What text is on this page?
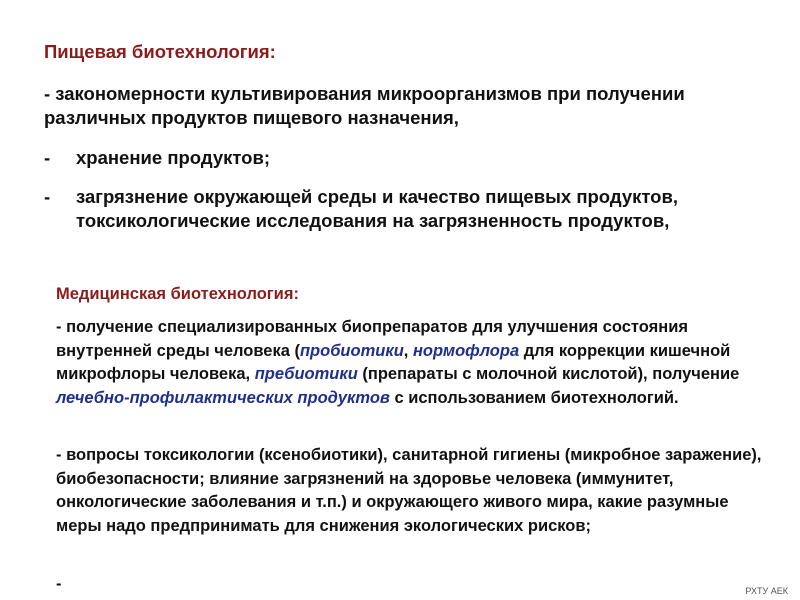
Пищевая биотехнология:

- закономерности культивирования микроорганизмов при получении различных продуктов пищевого назначения,

- хранение продуктов;
- загрязнение окружающей среды и качество пищевых продуктов, токсикологические исследования на загрязненность продуктов,
Медицинская биотехнология:

- получение специализированных биопрепаратов для улучшения состояния внутренней среды человека (пробиотики, нормофлора для коррекции кишечной микрофлоры человека, пребиотики (препараты с молочной кислотой), получение лечебно-профилактических продуктов с использованием биотехнологий.

- вопросы токсикологии (ксенобиотики), санитарной гигиены (микробное заражение), биобезопасности; влияние загрязнений на здоровье человека (иммунитет, онкологические заболевания и т.п.) и окружающего живого мира, какие разумные меры надо предпринимать для снижения экологических рисков;

-	РХТУ АЕК
